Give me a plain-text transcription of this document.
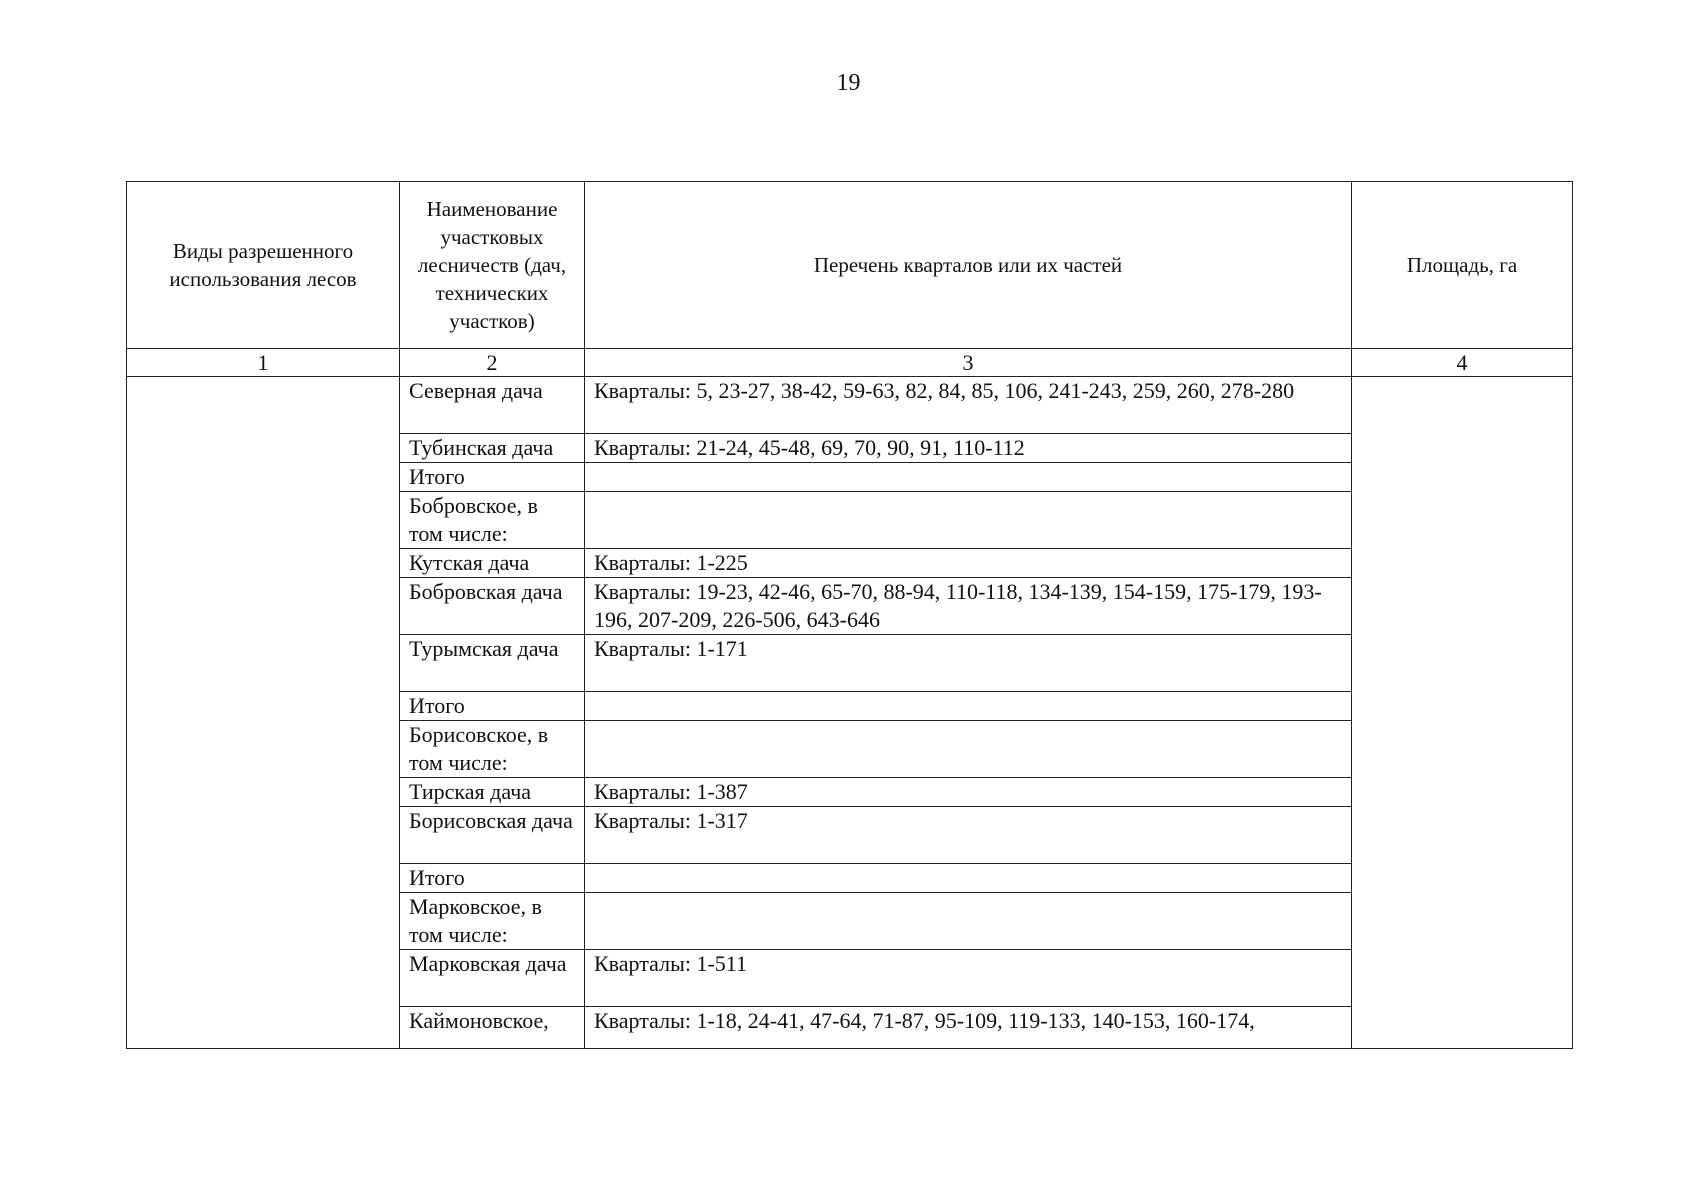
19
Виды разрешенного использования лесов	Наименование участковых лесничеств (дач, технических участков)	Перечень кварталов или их частей	Площадь, га
1	2	3	4
	Северная дача	Кварталы: 5, 23-27, 38-42, 59-63, 82, 84, 85, 106, 241-243, 259, 260, 278-280	
	Тубинская дача	Кварталы: 21-24, 45-48, 69, 70, 90, 91, 110-112	
	Итого		
	Бобровское, в том числе:		
	Кутская дача	Кварталы: 1-225	
	Бобровская дача	Кварталы: 19-23, 42-46, 65-70, 88-94, 110-118, 134-139, 154-159, 175-179, 193-196, 207-209, 226-506, 643-646	
	Турымская дача	Кварталы: 1-171	
	Итого		
	Борисовское, в том числе:		
	Тирская дача	Кварталы: 1-387	
	Борисовская дача	Кварталы: 1-317	
	Итого		
	Марковское, в том числе:		
	Марковская дача	Кварталы: 1-511	
	Каймоновское,	Кварталы: 1-18, 24-41, 47-64, 71-87, 95-109, 119-133, 140-153, 160-174,	
